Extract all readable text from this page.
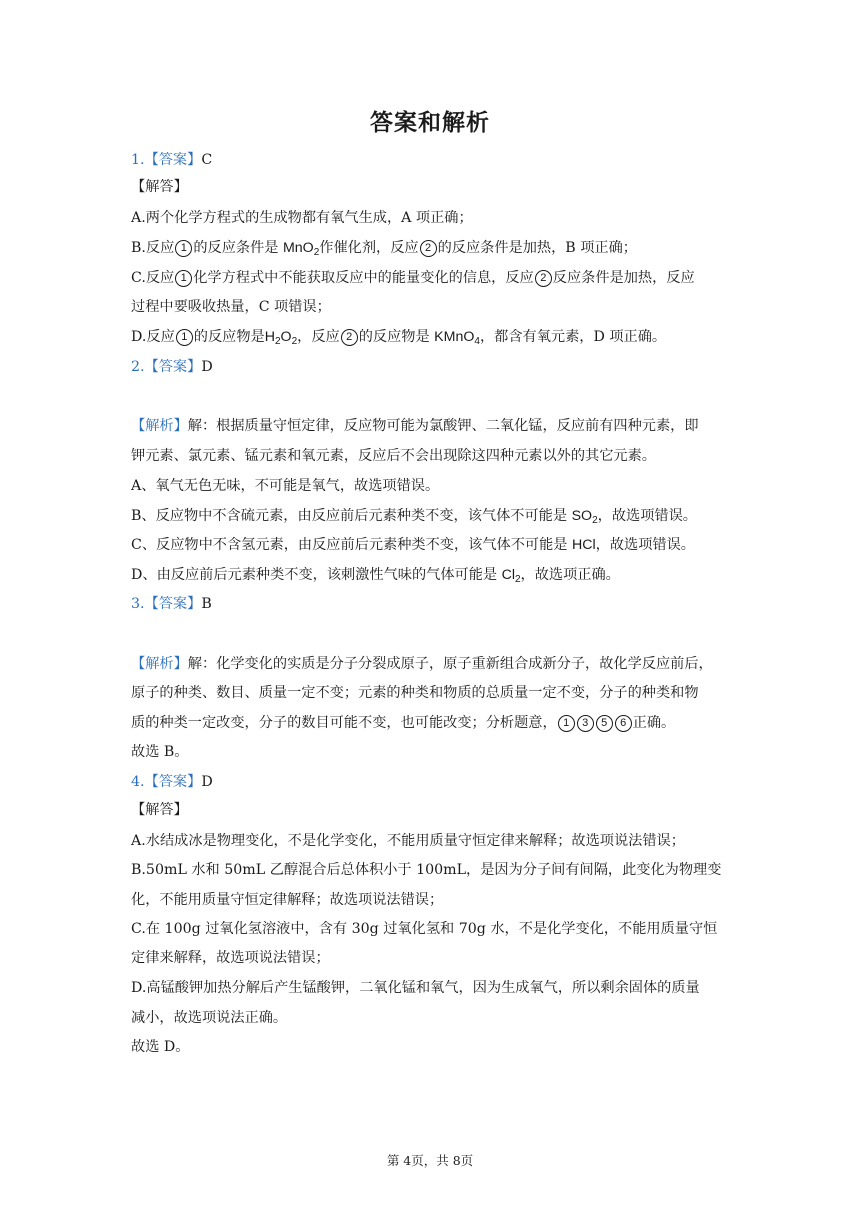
答案和解析
1.【答案】C
【解答】
A.两个化学方程式的生成物都有氧气生成，A 项正确；
B.反应 1 的反应条件是 MnO$_2$作催化剂，反应 2 的反应条件是加热，B 项正确；
C.反应 1 化学方程式中不能获取反应中的能量变化的信息，反应 2 反应条件是加热，反应
过程中要吸收热量，C 项错误；
D.反应 1 的反应物是$H_2O_2$，反应 2 的反应物是 KMnO$_4$，都含有氧元素，D 项正确。
2.【答案】D
【解析】解：根据质量守恒定律，反应物可能为氯酸钾、二氧化锰，反应前有四种元素，即
钾元素、氯元素、锰元素和氧元素，反应后不会出现除这四种元素以外的其它元素。
A、氧气无色无味，不可能是氧气，故选项错误。
B、反应物中不含硫元素，由反应前后元素种类不变，该气体不可能是 $SO_2$，故选项错误。
C、反应物中不含氢元素，由反应前后元素种类不变，该气体不可能是 HCl，故选项错误。
D、由反应前后元素种类不变，该刺激性气味的气体可能是 $Cl_2$，故选项正确。
3.【答案】B
【解析】解：化学变化的实质是分子分裂成原子，原子重新组合成新分子，故化学反应前后，
原子的种类、数目、质量一定不变；元素的种类和物质的总质量一定不变，分子的种类和物
质的种类一定改变，分子的数目可能不变，也可能改变；分析题意， 1 3 5 6 正确。
故选 B。
4.【答案】D
【解答】
A.水结成冰是物理变化，不是化学变化，不能用质量守恒定律来解释；故选项说法错误；
B.50mL 水和 50mL 乙醇混合后总体积小于 100mL，是因为分子间有间隔，此变化为物理变
化，不能用质量守恒定律解释；故选项说法错误；
C.在 100g 过氧化氢溶液中，含有 30g 过氧化氢和 70g 水，不是化学变化，不能用质量守恒
定律来解释，故选项说法错误；
D.高锰酸钾加热分解后产生锰酸钾，二氧化锰和氧气，因为生成氧气，所以剩余固体的质量
减小，故选项说法正确。
故选 D。
第 4页，共 8页
